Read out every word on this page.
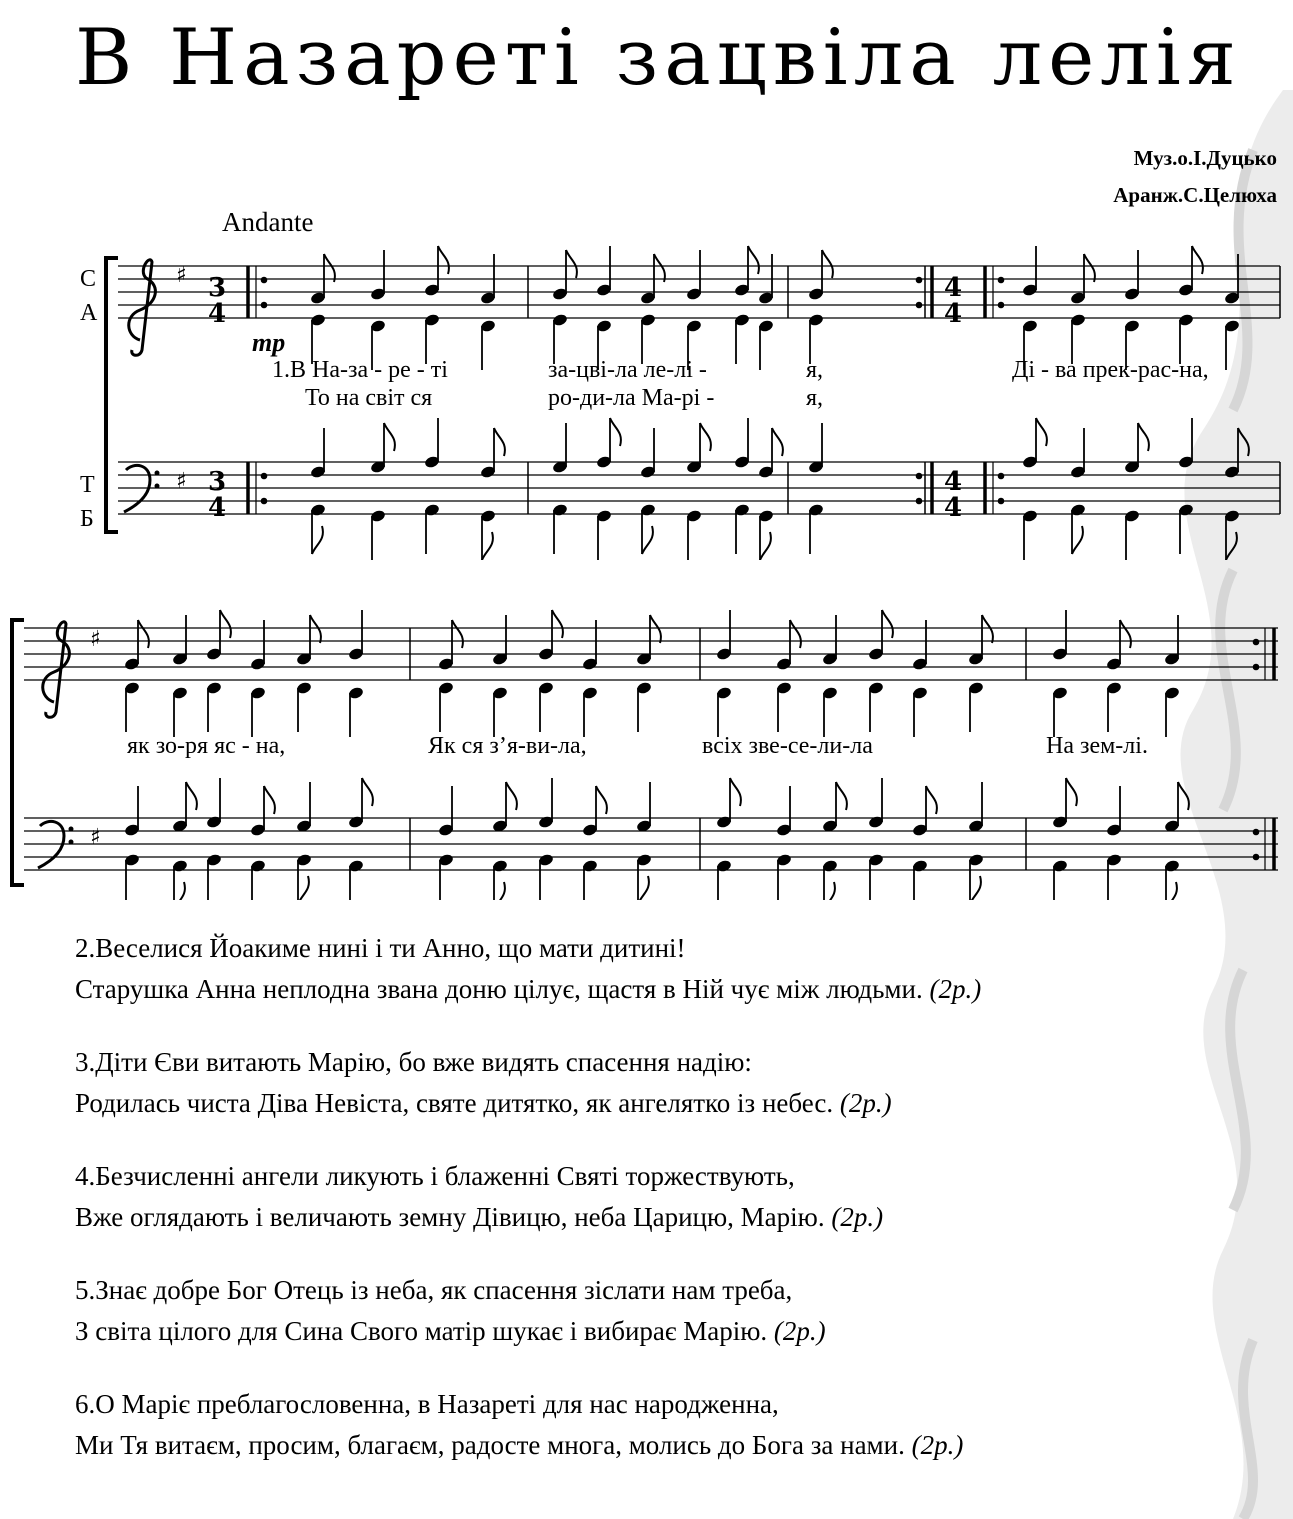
В Назареті зацвіла лелія
Муз.о.І.Дуцько
Аранж.С.Целюха
Andante
С
А
Т
Б
mp
♯
♯
3
4
3
4
4
4
4
4
1.В На-за - ре - ті	за-цві-ла ле-лі -	я,	Ді - ва прек-рас-на,
То на світ ся	ро-ди-ла Ма-рі -	я,
♯
♯
як зо-ря яс - на,	Як ся з’я-ви-ла,	всіх зве-се-ли-ла	На зем-лі.
2.Веселися Йоакиме нині і ти Анно, що мати дитині!
Старушка Анна неплодна звана доню цілує, щастя в Ній чує між людьми. (2р.)
3.Діти Єви витають Марію, бо вже видять спасення надію:
Родилась чиста Діва Невіста, святе дитятко, як ангелятко із небес. (2р.)
4.Безчисленні ангели ликують і блаженні Святі торжествують,
Вже оглядають і величають земну Дівицю, неба Царицю, Марію. (2р.)
5.Знає добре Бог Отець із неба, як спасення зіслати нам треба,
З світа цілого для Сина Свого матір шукає і вибирає Марію. (2р.)
6.О Маріє преблагословенна, в Назареті для нас народженна,
Ми Тя витаєм, просим, благаєм, радосте многа, молись до Бога за нами. (2р.)
